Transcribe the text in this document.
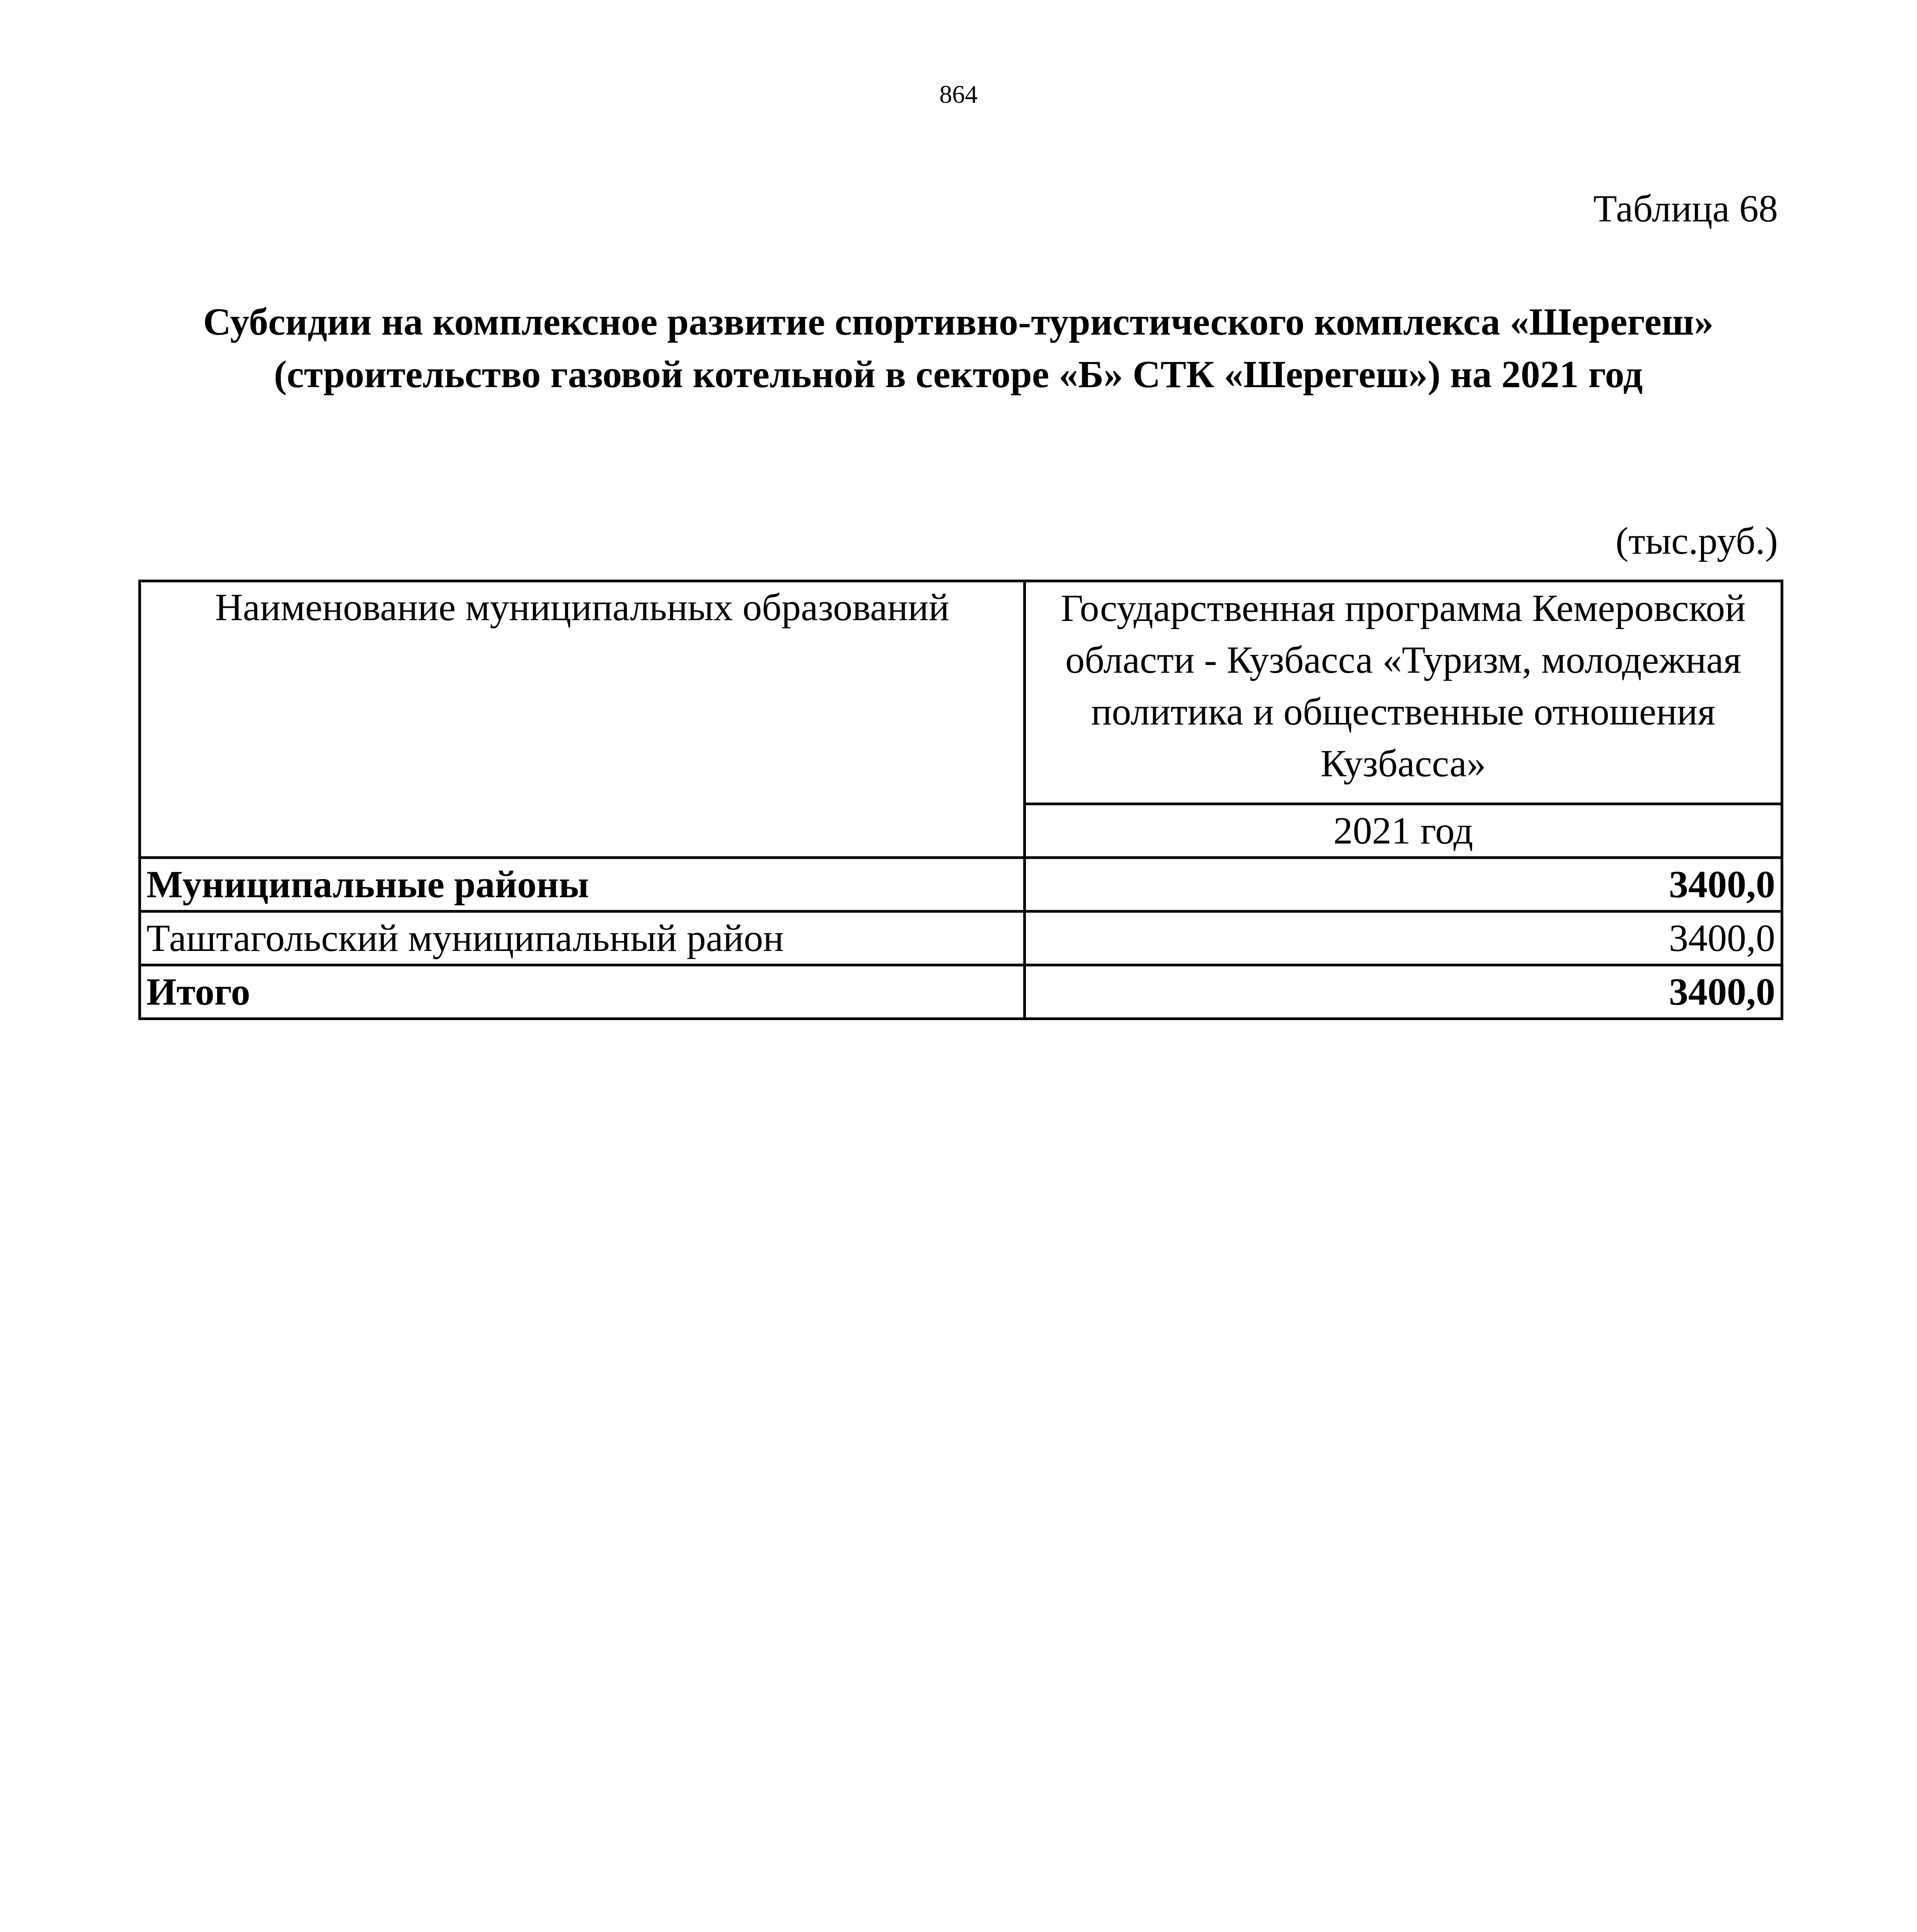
864
Таблица 68
Субсидии на комплексное развитие спортивно-туристического комплекса «Шерегеш» (строительство газовой котельной в секторе «Б» СТК «Шерегеш») на 2021 год
(тыс.руб.)
Наименование муниципальных образований	Государственная программа Кемеровской области - Кузбасса «Туризм, молодежная политика и общественные отношения Кузбасса»
	2021 год
Муниципальные районы	3400,0
Таштагольский муниципальный район	3400,0
Итого	3400,0
